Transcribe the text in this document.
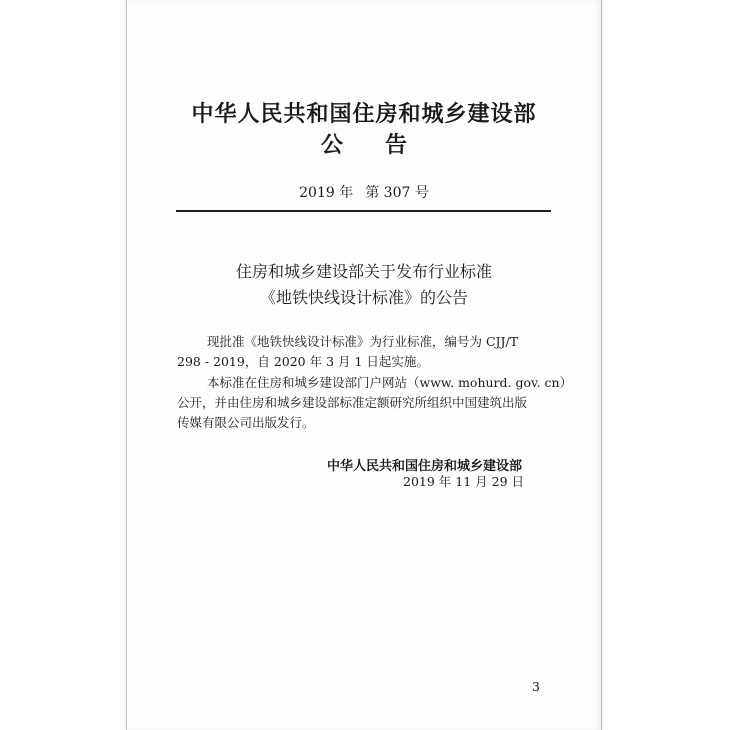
中华人民共和国住房和城乡建设部
公 告
2019 年 第 307 号
住房和城乡建设部关于发布行业标准
《地铁快线设计标准》的公告
现批准《地铁快线设计标准》为行业标准，编号为 CJJ/T
298 - 2019，自 2020 年 3 月 1 日起实施。
本标准在住房和城乡建设部门户网站（www. mohurd. gov. cn）
公开，并由住房和城乡建设部标准定额研究所组织中国建筑出版
传媒有限公司出版发行。
中华人民共和国住房和城乡建设部
2019 年 11 月 29 日
3
